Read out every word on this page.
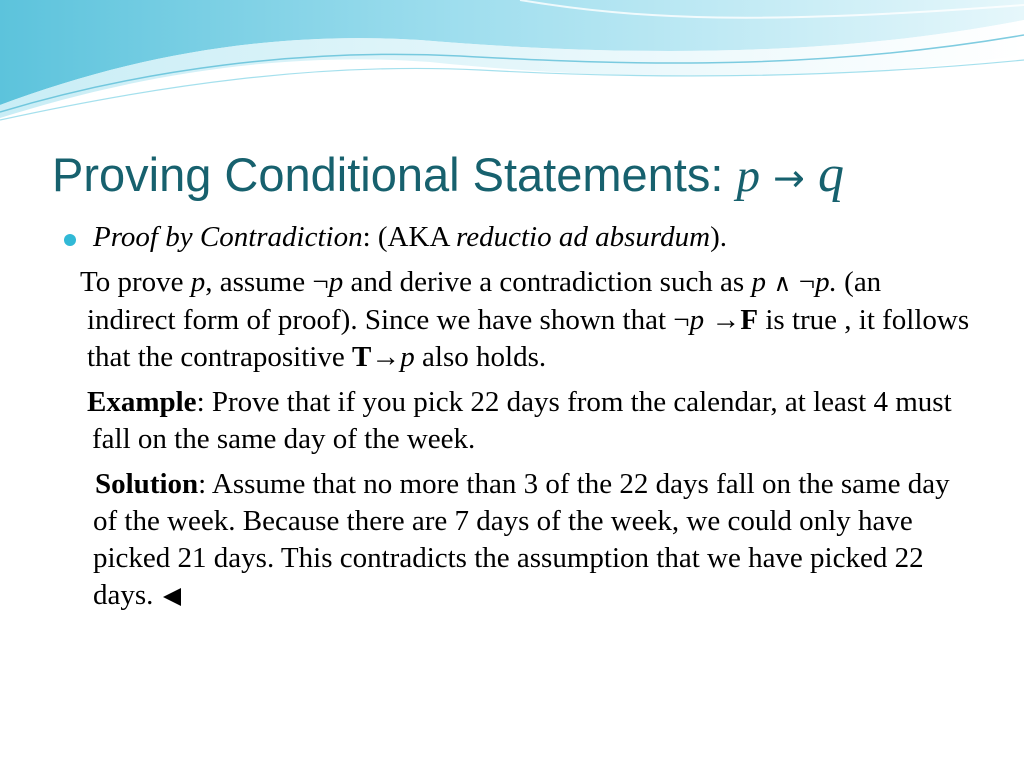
Proving Conditional Statements: p → q
Proof by Contradiction: (AKA reductio ad absurdum).
To prove p, assume ¬p and derive a contradiction such as p ∧ ¬p. (an indirect form of proof). Since we have shown that ¬p →F is true , it follows that the contrapositive T→p also holds.
Example: Prove that if you pick 22 days from the calendar, at least 4 must fall on the same day of the week.
Solution: Assume that no more than 3 of the 22 days fall on the same day of the week. Because there are 7 days of the week, we could only have picked 21 days. This contradicts the assumption that we have picked 22 days.
